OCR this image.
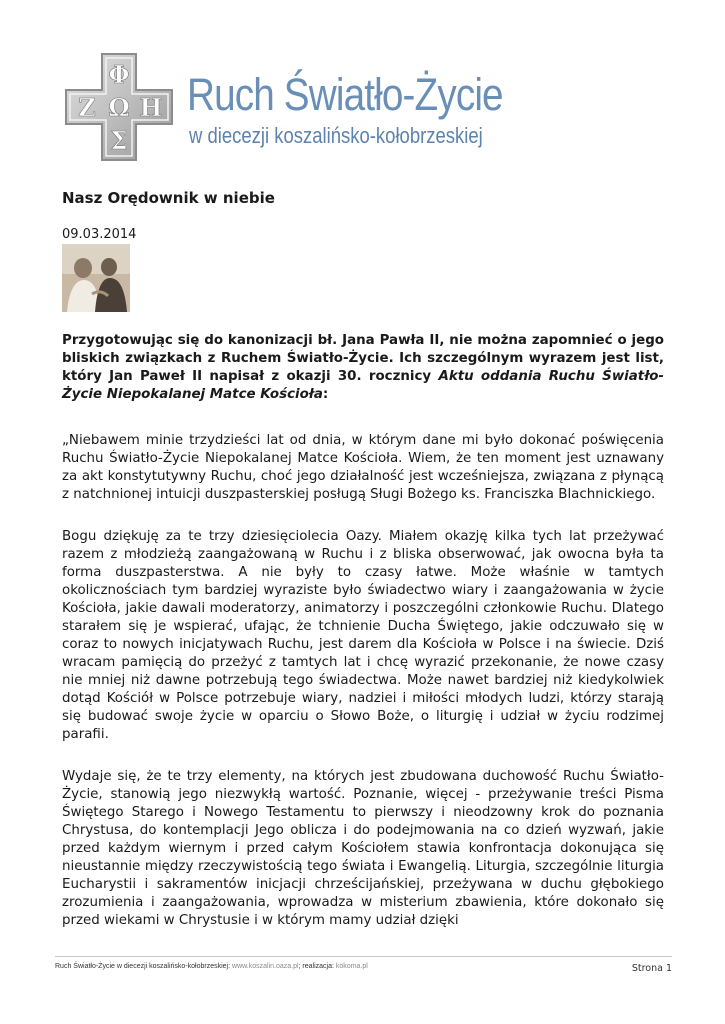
Φ
Ζ Ω Η
Σ
Ruch Światło-Życie
w diecezji koszalińsko-kołobrzeskiej
Nasz Orędownik w niebie
09.03.2014

Przygotowując się do kanonizacji bł. Jana Pawła II, nie można zapomnieć o jego bliskich związkach z Ruchem Światło-Życie. Ich szczególnym wyrazem jest list, który Jan Paweł II napisał z okazji 30. rocznicy Aktu oddania Ruchu Światło-Życie Niepokalanej Matce Kościoła:

„Niebawem minie trzydzieści lat od dnia, w którym dane mi było dokonać poświęcenia Ruchu Światło-Życie Niepokalanej Matce Kościoła. Wiem, że ten moment jest uznawany za akt konstytutywny Ruchu, choć jego działalność jest wcześniejsza, związana z płynącą z natchnionej intuicji duszpasterskiej posługą Sługi Bożego ks. Franciszka Blachnickiego.

Bogu dziękuję za te trzy dziesięciolecia Oazy. Miałem okazję kilka tych lat przeżywać razem z młodzieżą zaangażowaną w Ruchu i z bliska obserwować, jak owocna była ta forma duszpasterstwa. A nie były to czasy łatwe. Może właśnie w tamtych okolicznościach tym bardziej wyraziste było świadectwo wiary i zaangażowania w życie Kościoła, jakie dawali moderatorzy, animatorzy i poszczególni członkowie Ruchu. Dlatego starałem się je wspierać, ufając, że tchnienie Ducha Świętego, jakie odczuwało się w coraz to nowych inicjatywach Ruchu, jest darem dla Kościoła w Polsce i na świecie. Dziś wracam pamięcią do przeżyć z tamtych lat i chcę wyrazić przekonanie, że nowe czasy nie mniej niż dawne potrzebują tego świadectwa. Może nawet bardziej niż kiedykolwiek dotąd Kościół w Polsce potrzebuje wiary, nadziei i miłości młodych ludzi, którzy starają się budować swoje życie w oparciu o Słowo Boże, o liturgię i udział w życiu rodzimej parafii.

Wydaje się, że te trzy elementy, na których jest zbudowana duchowość Ruchu Światło-Życie, stanowią jego niezwykłą wartość. Poznanie, więcej - przeżywanie treści Pisma Świętego Starego i Nowego Testamentu to pierwszy i nieodzowny krok do poznania Chrystusa, do kontemplacji Jego oblicza i do podejmowania na co dzień wyzwań, jakie przed każdym wiernym i przed całym Kościołem stawia konfrontacja dokonująca się nieustannie między rzeczywistością tego świata i Ewangelią. Liturgia, szczególnie liturgia Eucharystii i sakramentów inicjacji chrześcijańskiej, przeżywana w duchu głębokiego zrozumienia i zaangażowania, wprowadza w misterium zbawienia, które dokonało się przed wiekami w Chrystusie i w którym mamy udział dzięki

Ruch Światło-Życie w diecezji koszalińsko-kołobrzeskiej: www.koszalin.oaza.pl; realizacja: kokoma.pl	Strona 1
